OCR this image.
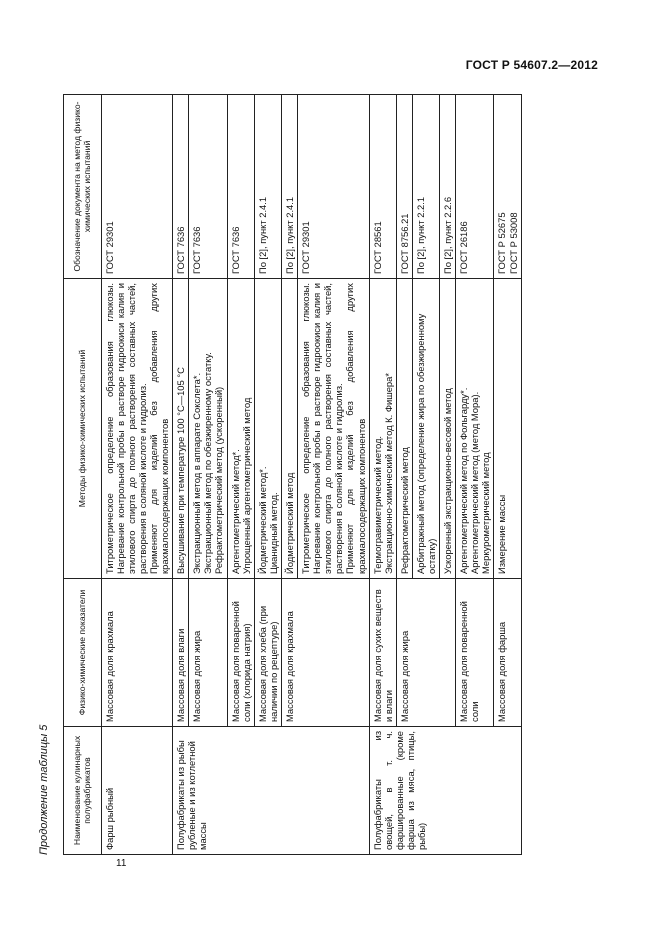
ГОСТ Р 54607.2—2012
Продолжение таблицы 5	Наименование кулинарных полуфабрикатов	Физико-химические показатели	Методы физико-химических испытаний	Обозначение документа на метод физико-химических испытаний
Фарш рыбный	Массовая доля крахмала	Титрометрическое определение образования глюкозы. Нагревание контрольной пробы в растворе гидроокиси калия и этилового спирта до полного растворения составных частей, растворения в соляной кислоте и гидролиз. Применяют для изделий без добавления других крахмалосодержащих компонентов	ГОСТ 29301
Полуфабрикаты из рыбы рубленые и из котлетной массы	Массовая доля влаги	Высушивание при температуре 100 °С—105 °С	ГОСТ 7636
	Массовая доля жира	Экстракционный метод в аппарате Сокслета*. Экстракционный метод по обезжиренному остатку. Рефрактометрический метод (ускоренный)	ГОСТ 7636
	Массовая доля поваренной соли (хлорида натрия)	Аргентометрический метод*. Упрощенный аргентометрический метод	ГОСТ 7636
	Массовая доля хлеба (при наличии по рецептуре)	Йодметрический метод*. Цианидный метод.	По [2], пункт 2.4.1
	Массовая доля крахмала	Йодметрический метод	По [2], пункт 2.4.1

		Титрометрическое определение образования глюкозы. Нагревание контрольной пробы в растворе гидроокиси калия и этилового спирта до полного растворения составных частей, растворения в соляной кислоте и гидролиз. Применяют для изделий без добавления других крахмалосодержащих компонентов	ГОСТ 29301
Полуфабрикаты из овощей, в т. ч. фаршированные (кроме фарша из мяса, птицы, рыбы)	Массовая доля сухих веществ и влаги	Термогравиметрический метод. Экстракционно-химический метод К. Фишера*	ГОСТ 28561
	Массовая доля жира	Рефрактометрический метод	ГОСТ 8756.21
		Арбитражный метод (определение жира по обезжиренному остатку)	По [2], пункт 2.2.1
		Ускоренный экстракционно-весовой метод	По [2], пункт 2.2.6
	Массовая доля поваренной соли	Аргентометрический метод по Фольгарду*. Аргентометрический метод (метод Мора). Меркурометрический метод	ГОСТ 26186
	Массовая доля фарша	Измерение массы	ГОСТ Р 52675 ГОСТ Р 53008
11
